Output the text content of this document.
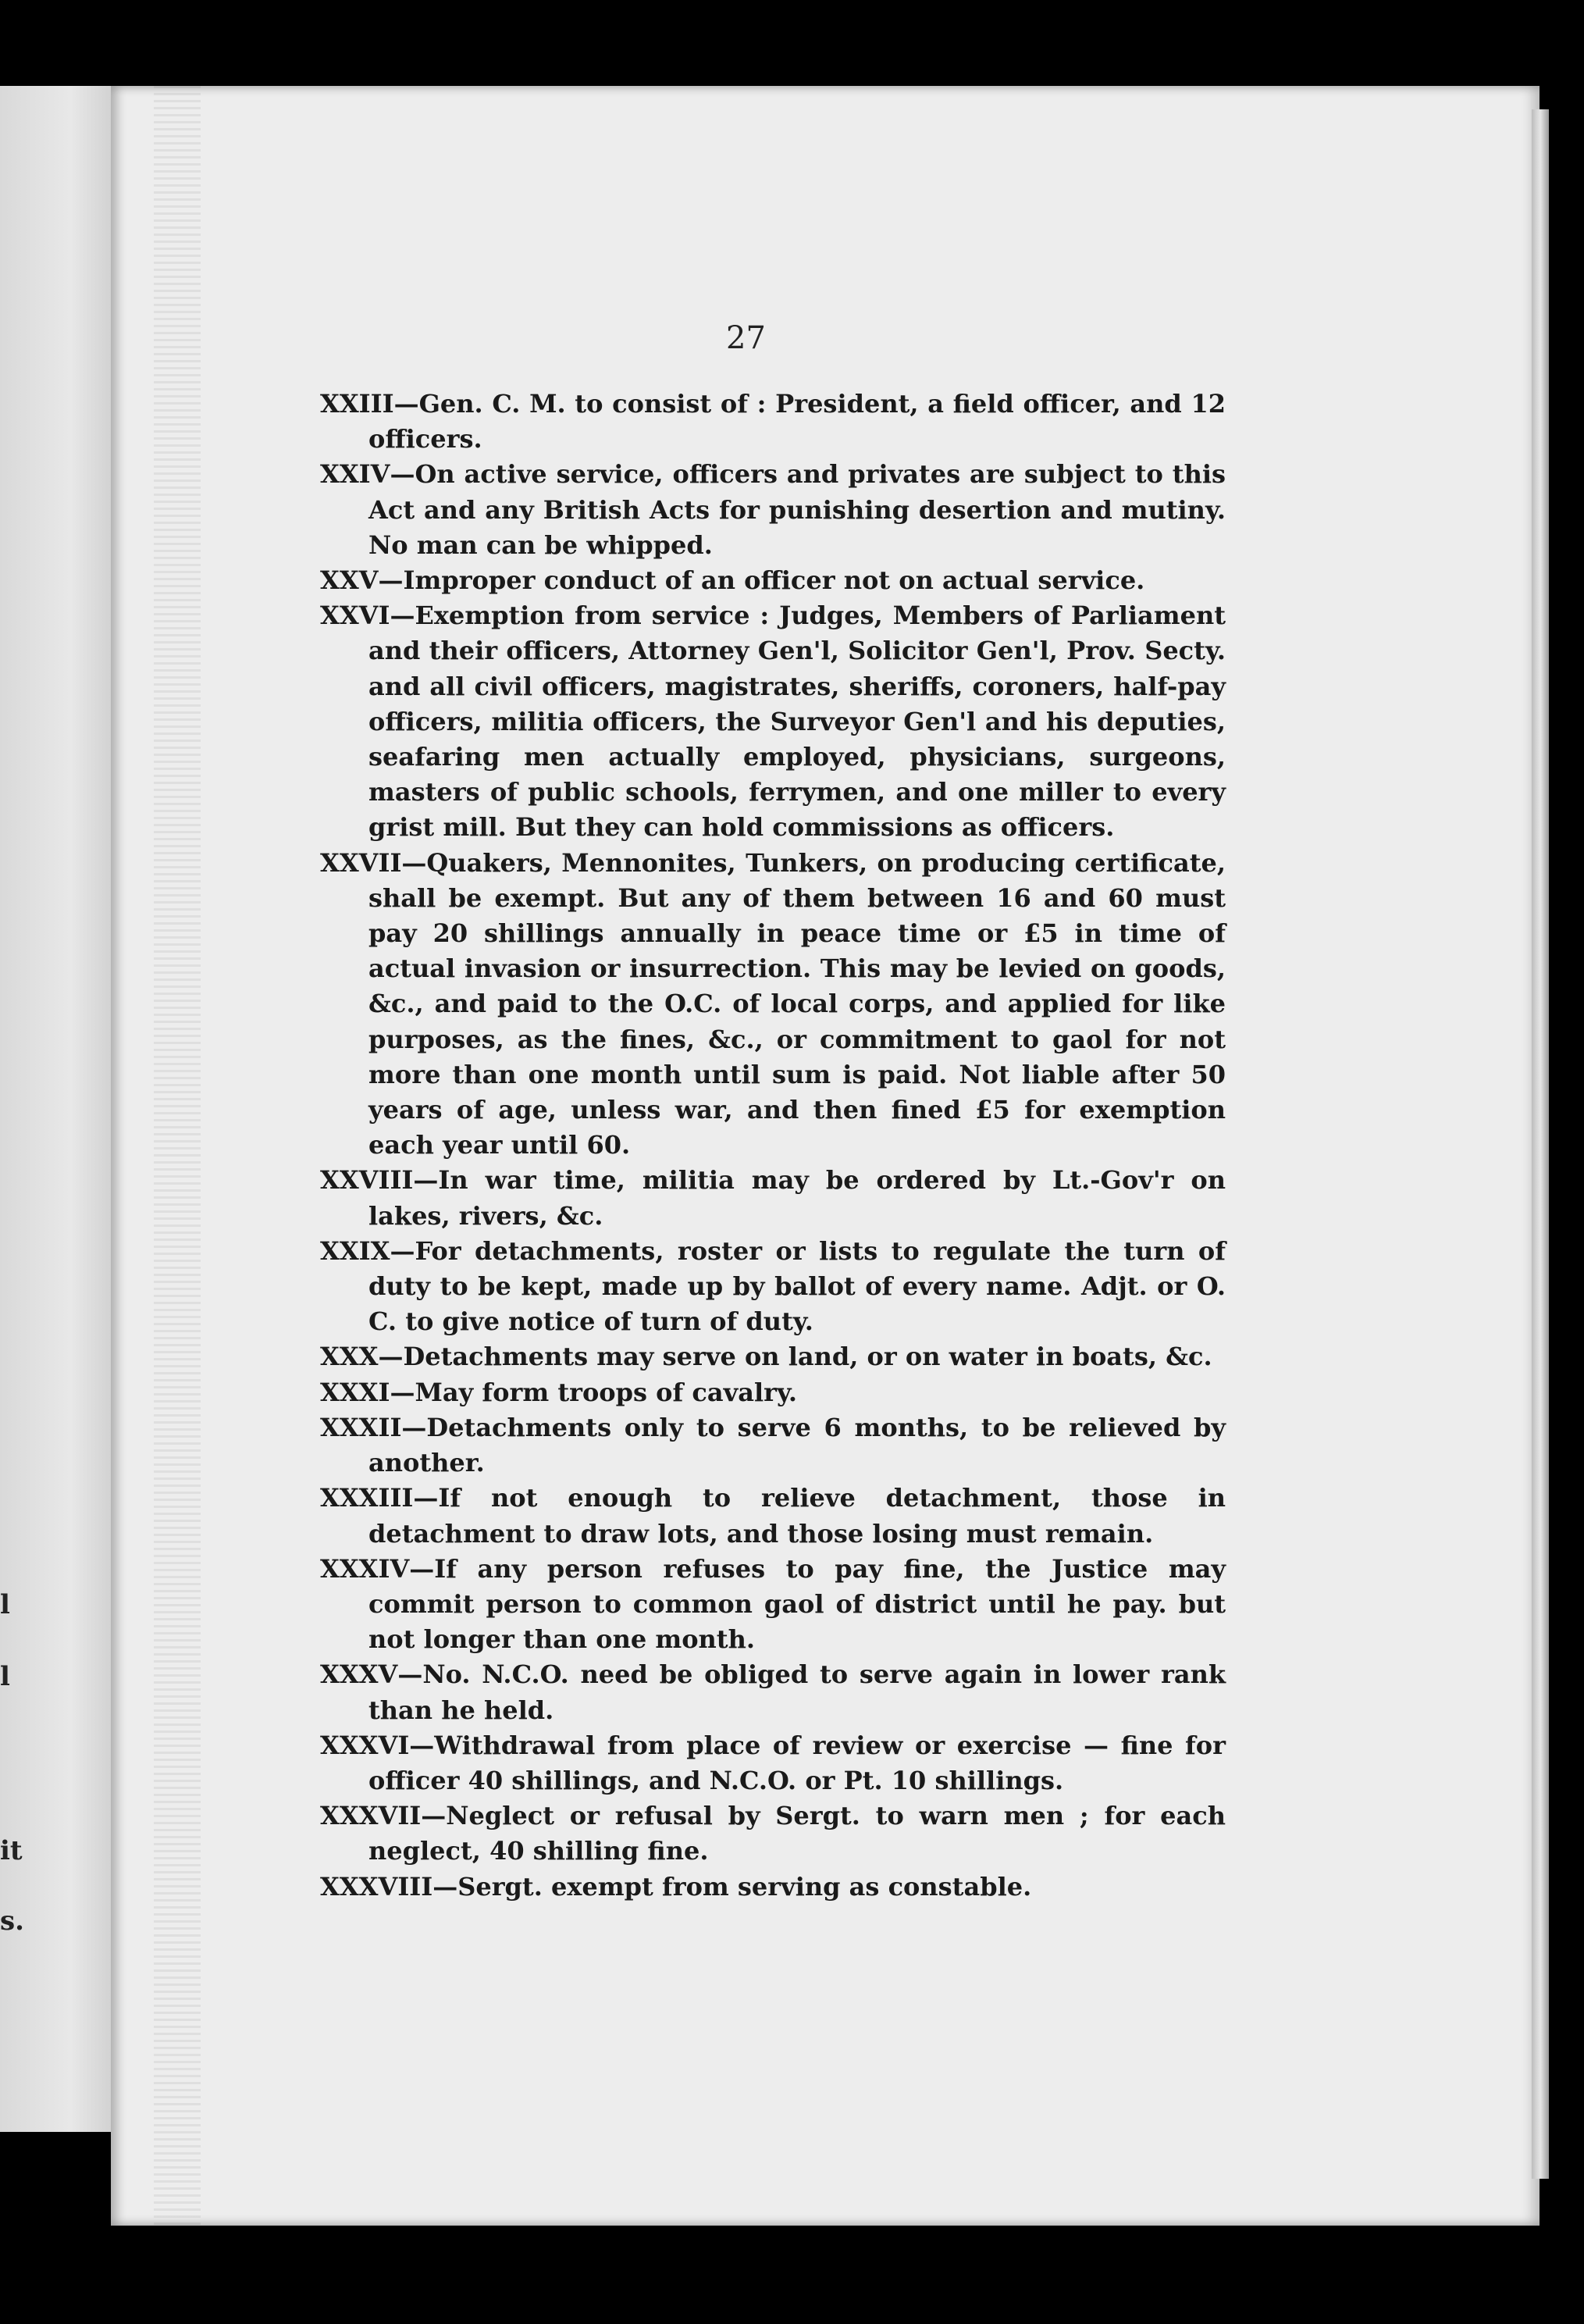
l
l
it
s.
27

XXIII—Gen. C. M. to consist of : President, a field officer, and 12 officers.

XXIV—On active service, officers and privates are subject to this Act and any British Acts for punishing desertion and mutiny. No man can be whipped.

XXV—Improper conduct of an officer not on actual service.

XXVI—Exemption from service : Judges, Members of Parliament and their officers, Attorney Gen'l, Solicitor Gen'l, Prov. Secty. and all civil officers, magistrates, sheriffs, coroners, half-pay officers, militia officers, the Surveyor Gen'l and his deputies, seafaring men actually employed, physicians, surgeons, masters of public schools, ferrymen, and one miller to every grist mill. But they can hold commissions as officers.

XXVII—Quakers, Mennonites, Tunkers, on producing certificate, shall be exempt. But any of them between 16 and 60 must pay 20 shillings annually in peace time or £5 in time of actual invasion or insurrection. This may be levied on goods, &c., and paid to the O.C. of local corps, and applied for like purposes, as the fines, &c., or commitment to gaol for not more than one month until sum is paid. Not liable after 50 years of age, unless war, and then fined £5 for exemption each year until 60.

XXVIII—In war time, militia may be ordered by Lt.-Gov'r on lakes, rivers, &c.

XXIX—For detachments, roster or lists to regulate the turn of duty to be kept, made up by ballot of every name. Adjt. or O. C. to give notice of turn of duty.

XXX—Detachments may serve on land, or on water in boats, &c.

XXXI—May form troops of cavalry.

XXXII—Detachments only to serve 6 months, to be relieved by another.

XXXIII—If not enough to relieve detachment, those in detachment to draw lots, and those losing must remain.

XXXIV—If any person refuses to pay fine, the Justice may commit person to common gaol of district until he pay. but not longer than one month.

XXXV—No. N.C.O. need be obliged to serve again in lower rank than he held.

XXXVI—Withdrawal from place of review or exercise — fine for officer 40 shillings, and N.C.O. or Pt. 10 shillings.

XXXVII—Neglect or refusal by Sergt. to warn men ; for each neglect, 40 shilling fine.

XXXVIII—Sergt. exempt from serving as constable.
